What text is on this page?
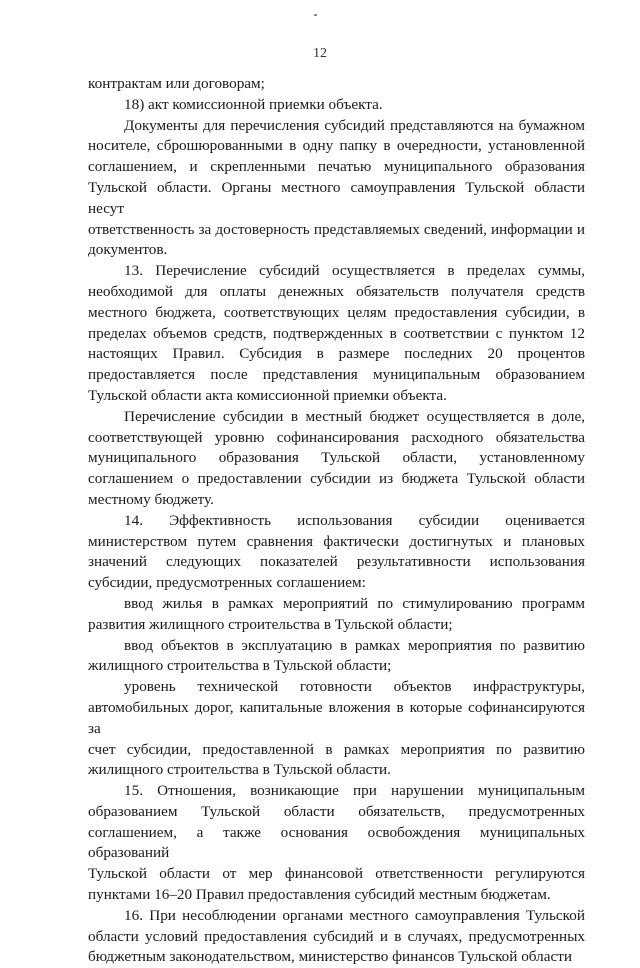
12

контрактам или договорам;

18) акт комиссионной приемки объекта.

Документы для перечисления субсидий представляются на бумажном

носителе, сброшюрованными в одну папку в очередности, установленной

соглашением, и скрепленными печатью муниципального образования

Тульской области. Органы местного самоуправления Тульской области несут

ответственность за достоверность представляемых сведений, информации и

документов.

13. Перечисление субсидий осуществляется в пределах суммы,

необходимой для оплаты денежных обязательств получателя средств

местного бюджета, соответствующих целям предоставления субсидии, в

пределах объемов средств, подтвержденных в соответствии с пунктом 12

настоящих Правил. Субсидия в размере последних 20 процентов

предоставляется после представления муниципальным образованием

Тульской области акта комиссионной приемки объекта.

Перечисление субсидии в местный бюджет осуществляется в доле,

соответствующей уровню софинансирования расходного обязательства

муниципального образования Тульской области, установленному

соглашением о предоставлении субсидии из бюджета Тульской области

местному бюджету.

14. Эффективность использования субсидии оценивается

министерством путем сравнения фактически достигнутых и плановых

значений следующих показателей результативности использования

субсидии, предусмотренных соглашением:

ввод жилья в рамках мероприятий по стимулированию программ

развития жилищного строительства в Тульской области;

ввод объектов в эксплуатацию в рамках мероприятия по развитию

жилищного строительства в Тульской области;

уровень технической готовности объектов инфраструктуры,

автомобильных дорог, капитальные вложения в которые софинансируются за

счет субсидии, предоставленной в рамках мероприятия по развитию

жилищного строительства в Тульской области.

15. Отношения, возникающие при нарушении муниципальным

образованием Тульской области обязательств, предусмотренных

соглашением, а также основания освобождения муниципальных образований

Тульской области от мер финансовой ответственности регулируются

пунктами 16–20 Правил предоставления субсидий местным бюджетам.

16. При несоблюдении органами местного самоуправления Тульской

области условий предоставления субсидий и в случаях, предусмотренных

бюджетным законодательством, министерство финансов Тульской области
